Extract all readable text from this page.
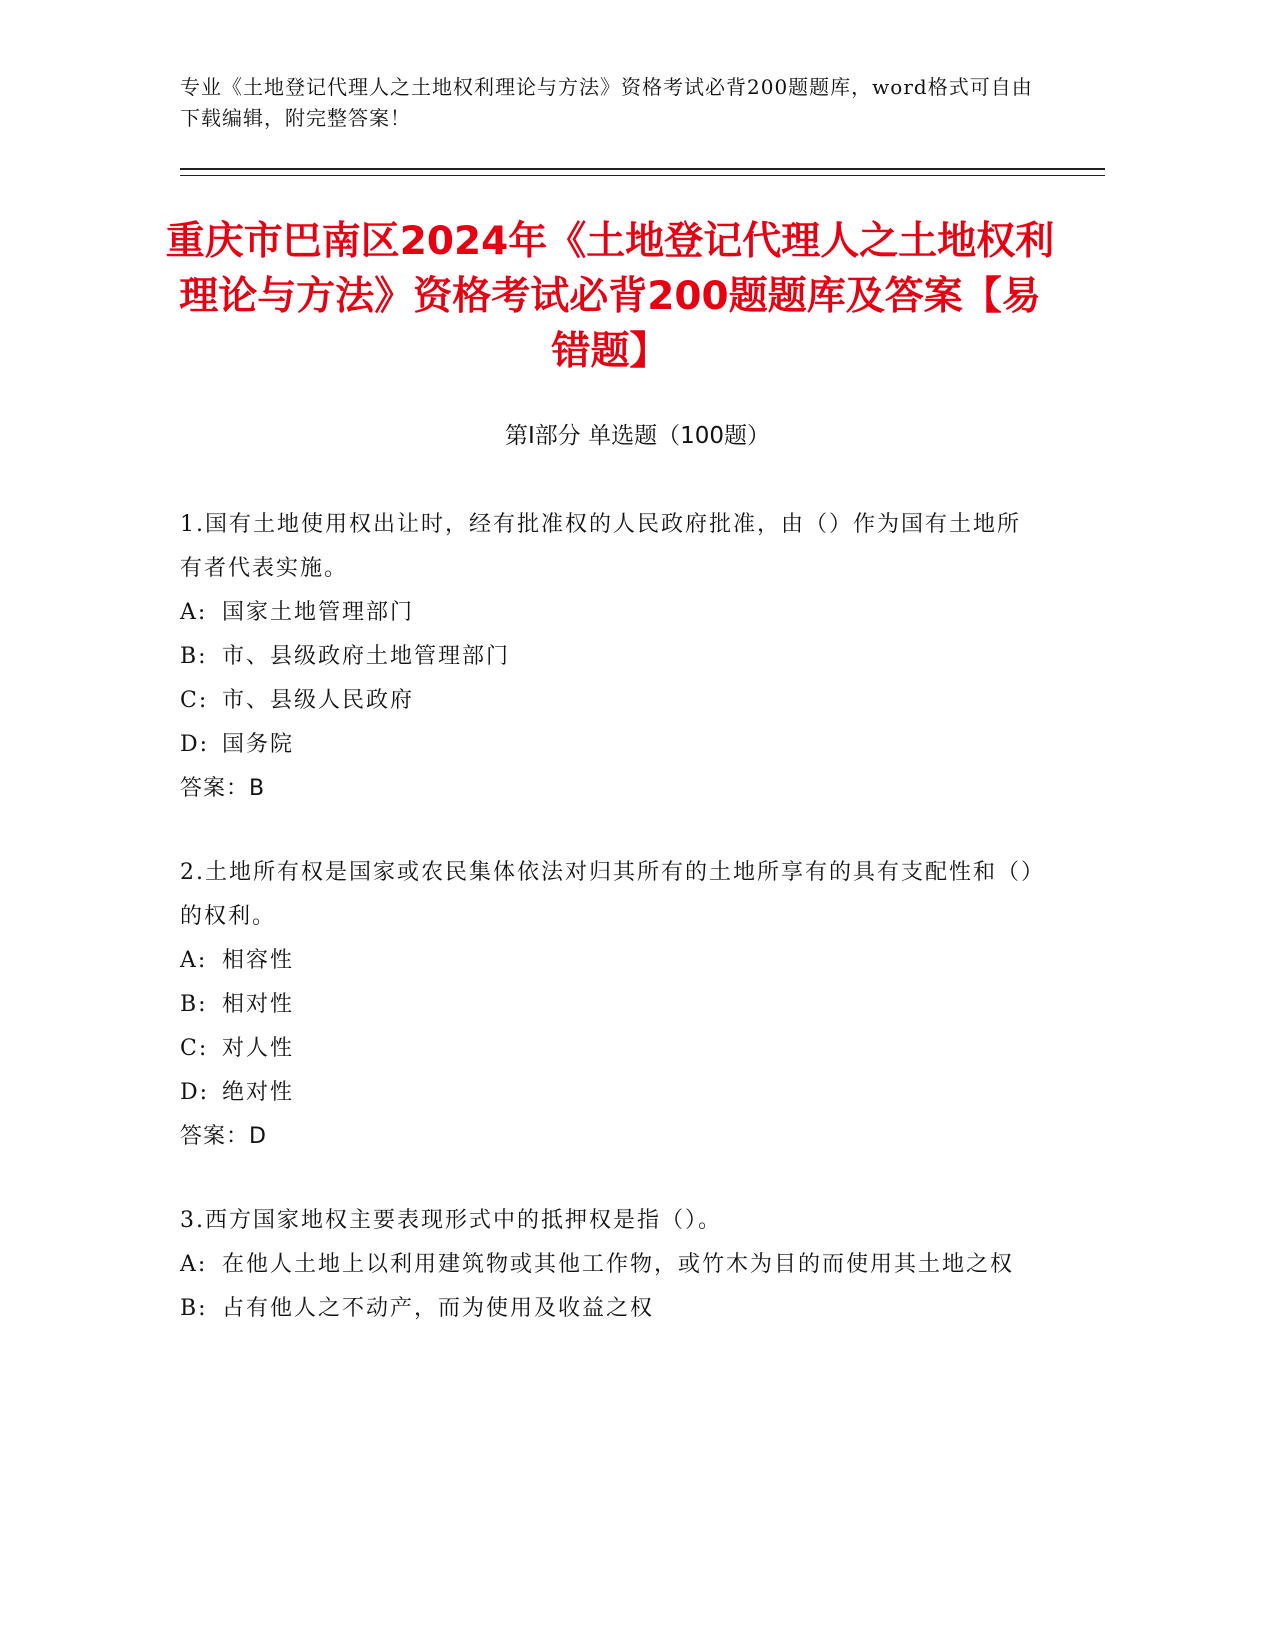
专业《土地登记代理人之土地权利理论与方法》资格考试必背200题题库，word格式可自由下载编辑，附完整答案！
重庆市巴南区2024年《土地登记代理人之土地权利理论与方法》资格考试必背200题题库及答案【易错题】
第Ⅰ部分 单选题（100题）
1.国有土地使用权出让时，经有批准权的人民政府批准，由（）作为国有土地所有者代表实施。
A: 国家土地管理部门
B: 市、县级政府土地管理部门
C: 市、县级人民政府
D: 国务院
答案：B
2.土地所有权是国家或农民集体依法对归其所有的土地所享有的具有支配性和（）的权利。
A: 相容性
B: 相对性
C: 对人性
D: 绝对性
答案：D
3.西方国家地权主要表现形式中的抵押权是指（）。
A: 在他人土地上以利用建筑物或其他工作物，或竹木为目的而使用其土地之权
B: 占有他人之不动产，而为使用及收益之权
